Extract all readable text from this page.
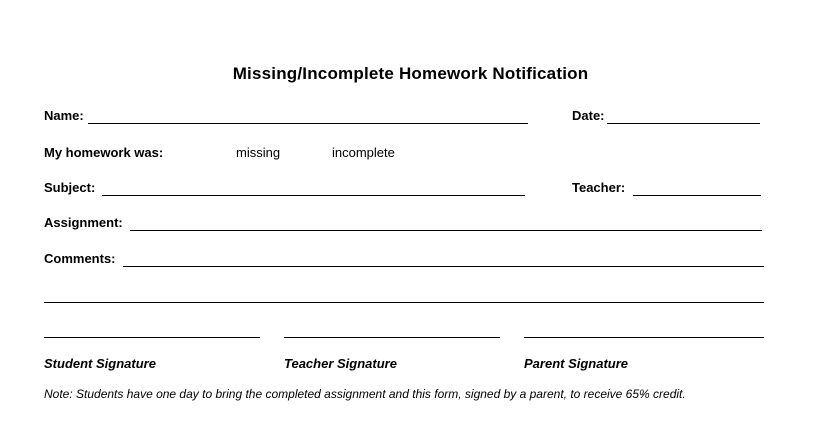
Missing/Incomplete Homework Notification
Name:	Date:
My homework was:	missing	incomplete
Subject:	Teacher:
Assignment:
Comments:
Student Signature	Teacher Signature	Parent Signature
Note: Students have one day to bring the completed assignment and this form, signed by a parent, to receive 65% credit.
